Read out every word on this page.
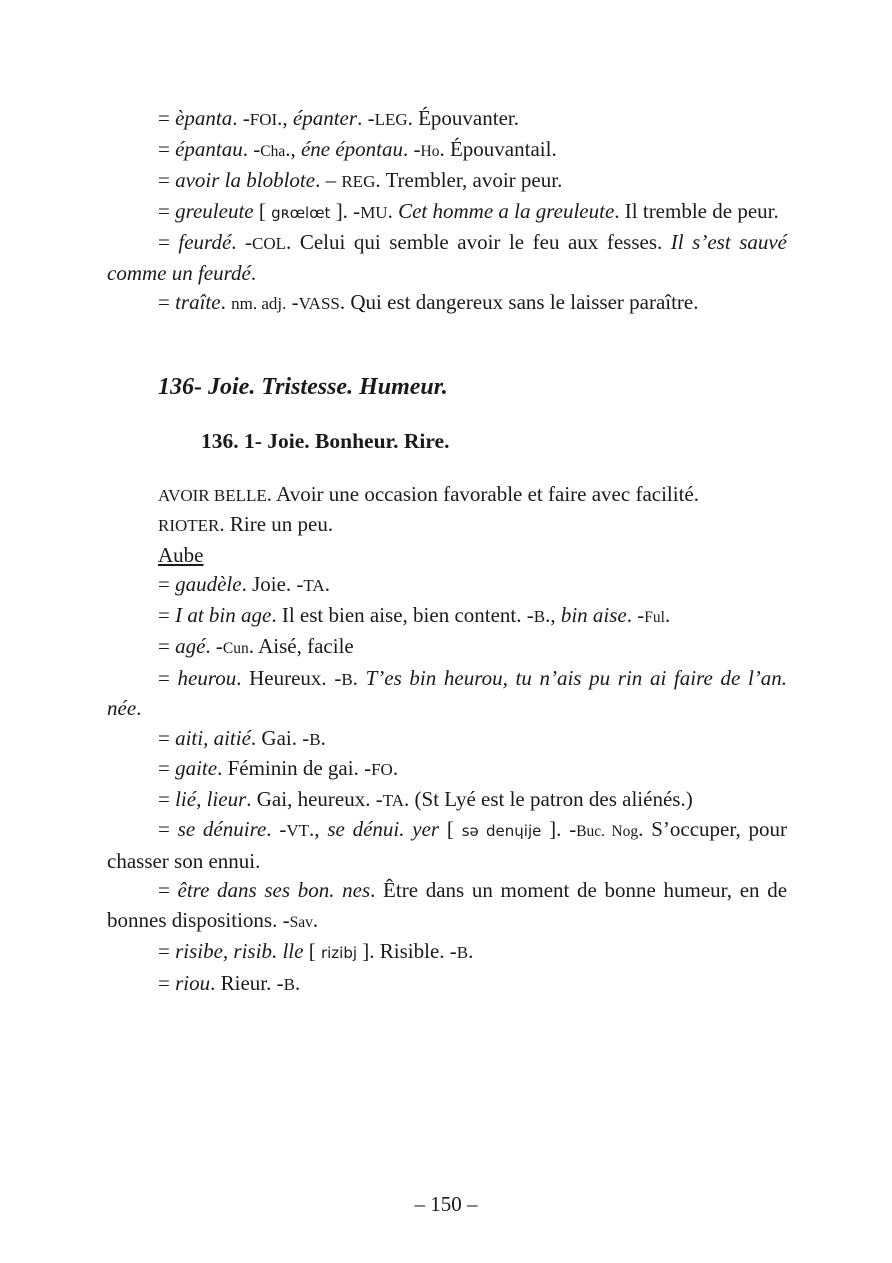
= èpanta. -FOI., épanter. -LEG. Épouvanter.

= épantau. -Cha., éne épontau. -Ho. Épouvantail.

= avoir la bloblote. – REG. Trembler, avoir peur.

= greuleute [ gʀœlœt ]. -MU. Cet homme a la greuleute. Il tremble de peur.

= feurdé. -COL. Celui qui semble avoir le feu aux fesses. Il s’est sauvé comme un feurdé.

= traîte. nm. adj. -VASS. Qui est dangereux sans le laisser paraître.

136- Joie. Tristesse. Humeur.
136. 1- Joie. Bonheur. Rire.

AVOIR BELLE. Avoir une occasion favorable et faire avec facilité.

RIOTER. Rire un peu.

Aube

= gaudèle. Joie. -TA.

= I at bin age. Il est bien aise, bien content. -B., bin aise. -Ful.

= agé. -Cun. Aisé, facile

= heurou. Heureux. -B. T’es bin heurou, tu n’ais pu rin ai faire de l’an. née.

= aiti, aitié. Gai. -B.

= gaite. Féminin de gai. -FO.

= lié, lieur. Gai, heureux. -TA. (St Lyé est le patron des aliénés.)

= se dénuire. -VT., se dénui. yer [ sə denɥije ]. -Buc. Nog. S’occuper, pour chasser son ennui.

= être dans ses bon. nes. Être dans un moment de bonne humeur, en de bonnes dispositions. -Sav.

= risibe, risib. lle [ rizibj ]. Risible. -B.

= riou. Rieur. -B.

– 150 –
